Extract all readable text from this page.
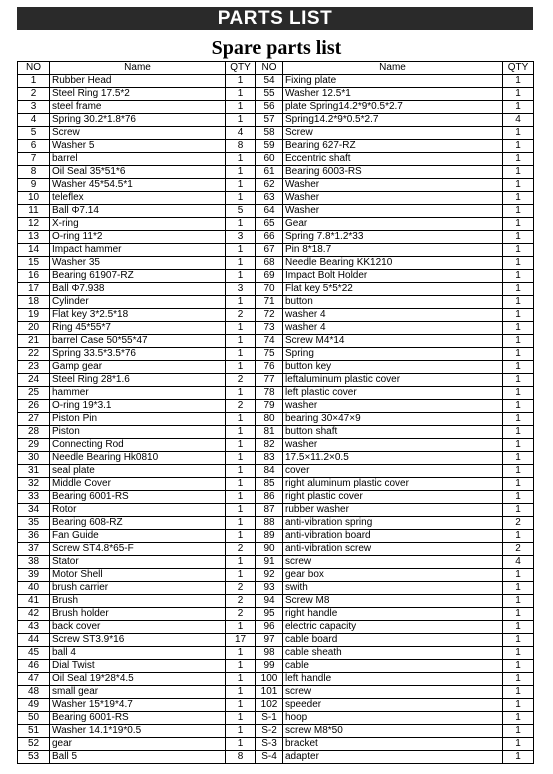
PARTS LIST
Spare parts list
NO	Name	QTY	NO	Name	QTY
1	Rubber Head	1	54	Fixing plate	1
2	Steel Ring 17.5*2	1	55	Washer 12.5*1	1
3	steel frame	1	56	plate Spring14.2*9*0.5*2.7	1
4	Spring 30.2*1.8*76	1	57	Spring14.2*9*0.5*2.7	4
5	Screw	4	58	Screw	1
6	Washer 5	8	59	Bearing 627-RZ	1
7	barrel	1	60	Eccentric shaft	1
8	Oil Seal 35*51*6	1	61	Bearing 6003-RS	1
9	Washer 45*54.5*1	1	62	Washer	1
10	teleflex	1	63	Washer	1
11	Ball Φ7.14	5	64	Washer	1
12	X-ring	1	65	Gear	1
13	O-ring 11*2	3	66	Spring 7.8*1.2*33	1
14	Impact hammer	1	67	Pin 8*18.7	1
15	Washer 35	1	68	Needle Bearing KK1210	1
16	Bearing 61907-RZ	1	69	Impact Bolt Holder	1
17	Ball Φ7.938	3	70	Flat key 5*5*22	1
18	Cylinder	1	71	button	1
19	Flat key 3*2.5*18	2	72	washer 4	1
20	Ring 45*55*7	1	73	washer 4	1
21	barrel Case 50*55*47	1	74	Screw M4*14	1
22	Spring 33.5*3.5*76	1	75	Spring	1
23	Gamp gear	1	76	button key	1
24	Steel Ring 28*1.6	2	77	leftaluminum plastic cover	1
25	hammer	1	78	left plastic cover	1
26	O-ring 19*3.1	2	79	washer	1
27	Piston Pin	1	80	bearing 30×47×9	1
28	Piston	1	81	button shaft	1
29	Connecting Rod	1	82	washer	1
30	Needle Bearing Hk0810	1	83	17.5×11.2×0.5	1
31	seal plate	1	84	cover	1
32	Middle Cover	1	85	right aluminum plastic cover	1
33	Bearing 6001-RS	1	86	right plastic cover	1
34	Rotor	1	87	rubber washer	1
35	Bearing 608-RZ	1	88	anti-vibration spring	2
36	Fan Guide	1	89	anti-vibration board	1
37	Screw ST4.8*65-F	2	90	anti-vibration screw	2
38	Stator	1	91	screw	4
39	Motor Shell	1	92	gear box	1
40	brush carrier	2	93	swith	1
41	Brush	2	94	Screw M8	1
42	Brush holder	2	95	right handle	1
43	back cover	1	96	electric capacity	1
44	Screw ST3.9*16	17	97	cable board	1
45	ball 4	1	98	cable sheath	1
46	Dial Twist	1	99	cable	1
47	Oil Seal 19*28*4.5	1	100	left handle	1
48	small gear	1	101	screw	1
49	Washer 15*19*4.7	1	102	speeder	1
50	Bearing 6001-RS	1	S-1	hoop	1
51	Washer 14.1*19*0.5	1	S-2	screw M8*50	1
52	gear	1	S-3	bracket	1
53	Ball 5	8	S-4	adapter	1
